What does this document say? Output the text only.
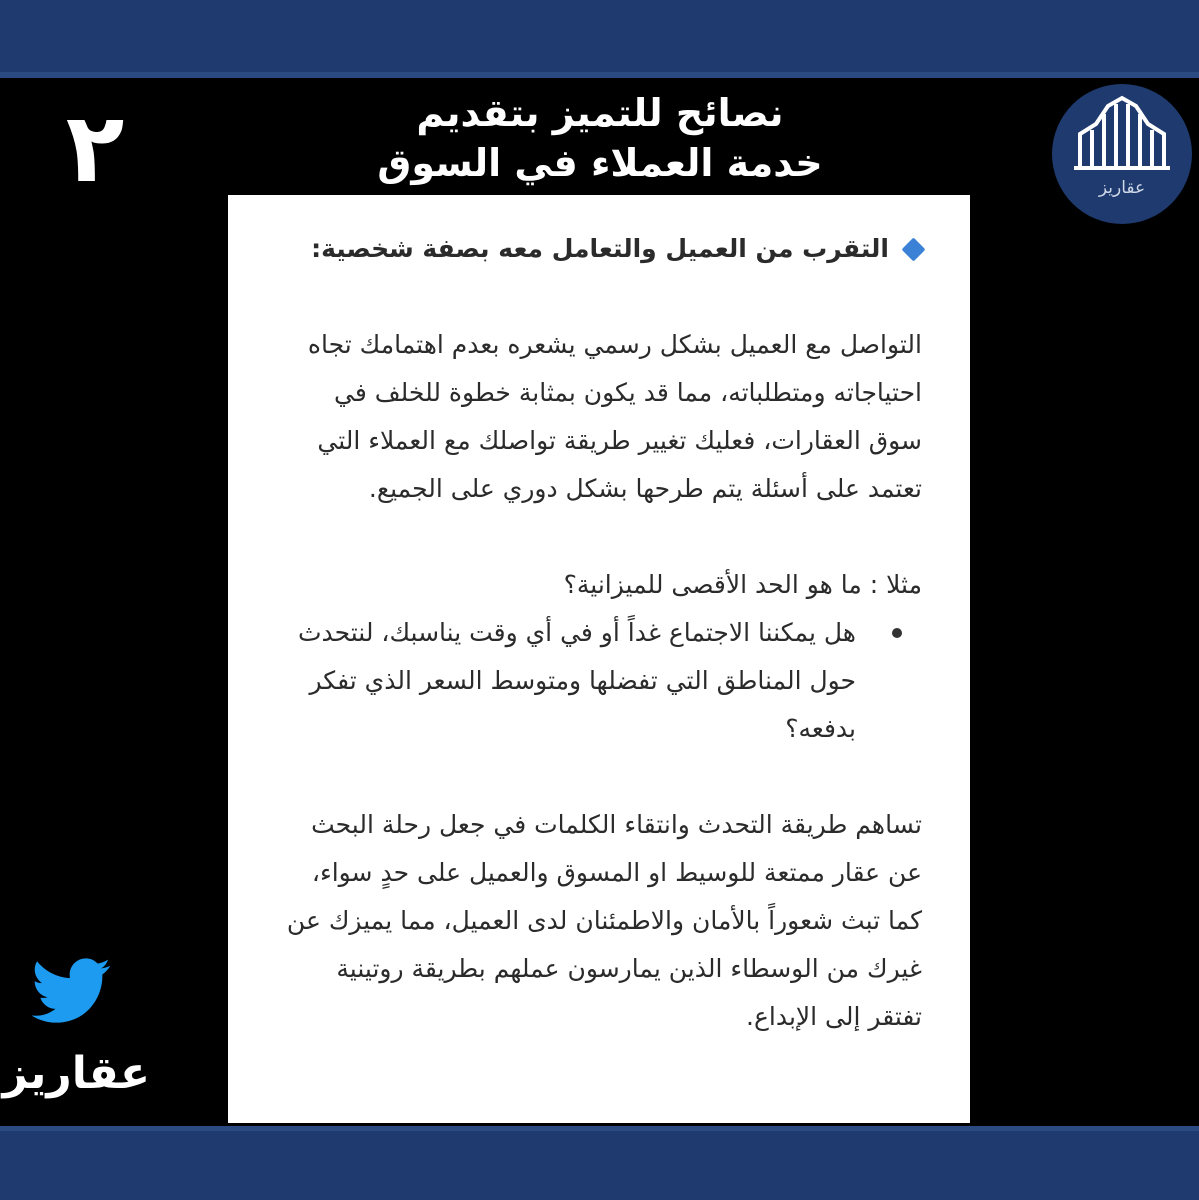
٢	نصائح للتميز بتقديم
خدمة العملاء في السوق
عقاريز
التقرب من العميل والتعامل معه بصفة شخصية:

التواصل مع العميل بشكل رسمي يشعره بعدم اهتمامك تجاه احتياجاته ومتطلباته، مما قد يكون بمثابة خطوة للخلف في سوق العقارات، فعليك تغيير طريقة تواصلك مع العملاء التي تعتمد على أسئلة يتم طرحها بشكل دوري على الجميع.

مثلا : ما هو الحد الأقصى للميزانية؟

هل يمكننا الاجتماع غداً أو في أي وقت يناسبك، لنتحدث حول المناطق التي تفضلها ومتوسط السعر الذي تفكر بدفعه؟

تساهم طريقة التحدث وانتقاء الكلمات في جعل رحلة البحث عن عقار ممتعة للوسيط او المسوق والعميل على حدٍ سواء، كما تبث شعوراً بالأمان والاطمئنان لدى العميل، مما يميزك عن غيرك من الوسطاء الذين يمارسون عملهم بطريقة روتينية تفتقر إلى الإبداع.

عقاريز
